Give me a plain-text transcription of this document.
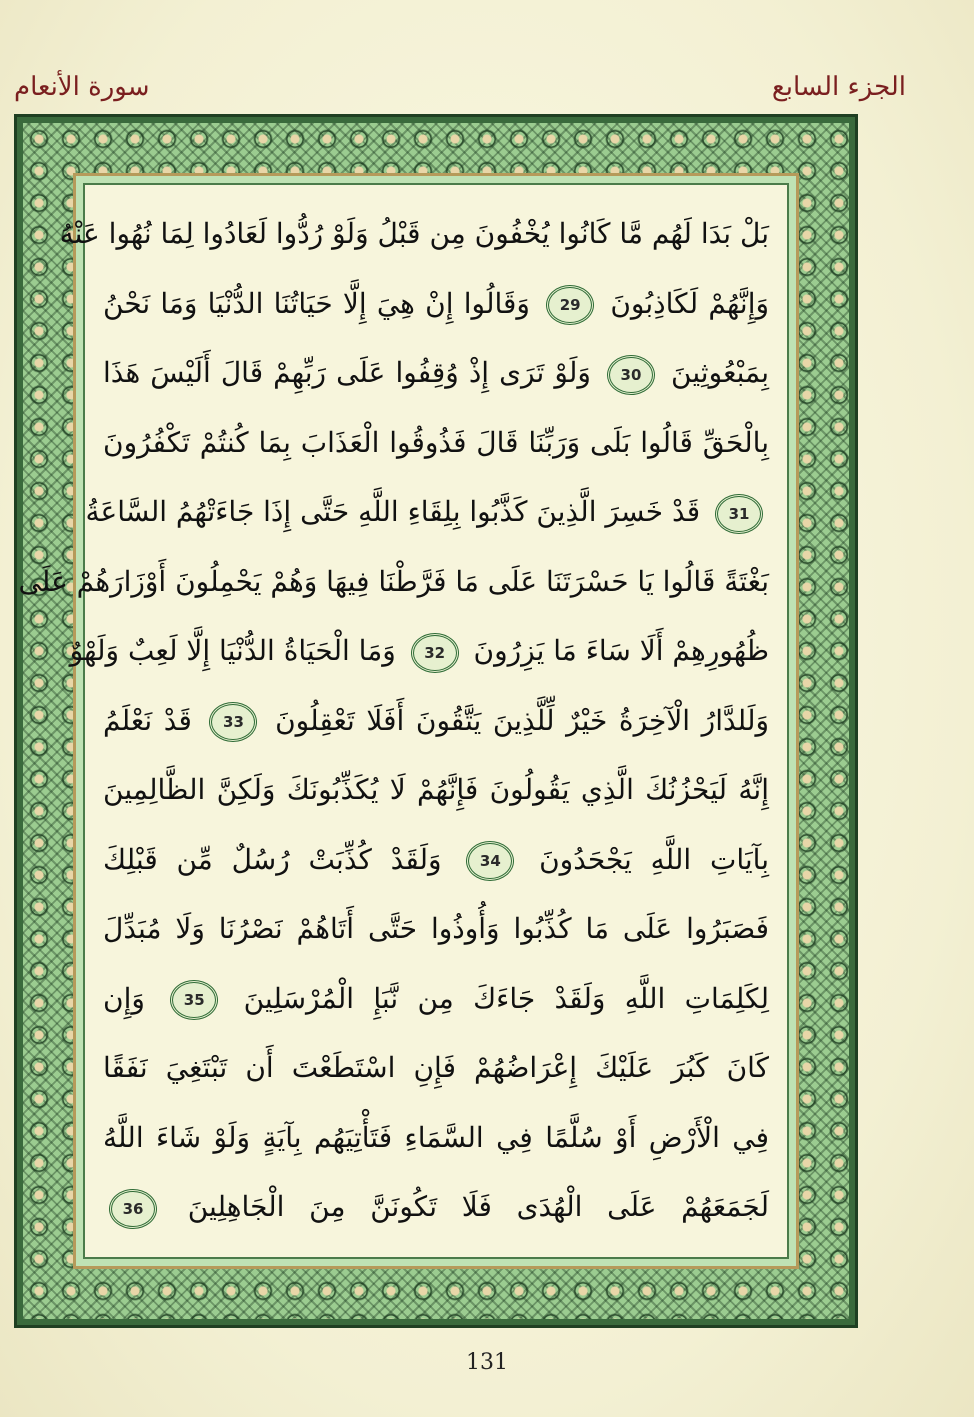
سورة الأنعام	الجزء السابع
بَلْ بَدَا لَهُم مَّا كَانُوا يُخْفُونَ مِن قَبْلُ وَلَوْ رُدُّوا لَعَادُوا لِمَا نُهُوا عَنْهُ
وَإِنَّهُمْ لَكَاذِبُونَ 29 وَقَالُوا إِنْ هِيَ إِلَّا حَيَاتُنَا الدُّنْيَا وَمَا نَحْنُ
بِمَبْعُوثِينَ 30 وَلَوْ تَرَى إِذْ وُقِفُوا عَلَى رَبِّهِمْ قَالَ أَلَيْسَ هَذَا
بِالْحَقِّ قَالُوا بَلَى وَرَبِّنَا قَالَ فَذُوقُوا الْعَذَابَ بِمَا كُنتُمْ تَكْفُرُونَ
31 قَدْ خَسِرَ الَّذِينَ كَذَّبُوا بِلِقَاءِ اللَّهِ حَتَّى إِذَا جَاءَتْهُمُ السَّاعَةُ
بَغْتَةً قَالُوا يَا حَسْرَتَنَا عَلَى مَا فَرَّطْنَا فِيهَا وَهُمْ يَحْمِلُونَ أَوْزَارَهُمْ عَلَى
ظُهُورِهِمْ أَلَا سَاءَ مَا يَزِرُونَ 32 وَمَا الْحَيَاةُ الدُّنْيَا إِلَّا لَعِبٌ وَلَهْوٌ
وَلَلدَّارُ الْآخِرَةُ خَيْرٌ لِّلَّذِينَ يَتَّقُونَ أَفَلَا تَعْقِلُونَ 33 قَدْ نَعْلَمُ
إِنَّهُ لَيَحْزُنُكَ الَّذِي يَقُولُونَ فَإِنَّهُمْ لَا يُكَذِّبُونَكَ وَلَكِنَّ الظَّالِمِينَ
بِآيَاتِ اللَّهِ يَجْحَدُونَ 34 وَلَقَدْ كُذِّبَتْ رُسُلٌ مِّن قَبْلِكَ
فَصَبَرُوا عَلَى مَا كُذِّبُوا وَأُوذُوا حَتَّى أَتَاهُمْ نَصْرُنَا وَلَا مُبَدِّلَ
لِكَلِمَاتِ اللَّهِ وَلَقَدْ جَاءَكَ مِن نَّبَإِ الْمُرْسَلِينَ 35 وَإِن
كَانَ كَبُرَ عَلَيْكَ إِعْرَاضُهُمْ فَإِنِ اسْتَطَعْتَ أَن تَبْتَغِيَ نَفَقًا
فِي الْأَرْضِ أَوْ سُلَّمًا فِي السَّمَاءِ فَتَأْتِيَهُم بِآيَةٍ وَلَوْ شَاءَ اللَّهُ
لَجَمَعَهُمْ عَلَى الْهُدَى فَلَا تَكُونَنَّ مِنَ الْجَاهِلِينَ 36
131
